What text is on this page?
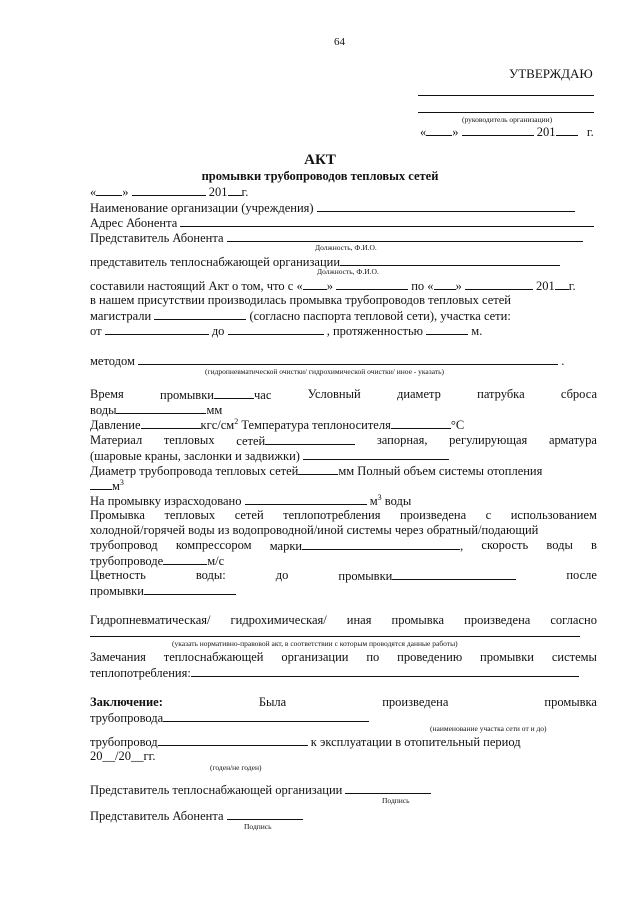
64
УТВЕРЖДАЮ
(руководитель организации)
« »	201	г.
АКТ
промывки трубопроводов тепловых сетей
« »	201 г.
Наименование организации (учреждения)
Адрес Абонента
Представитель Абонента
Должность, Ф.И.О.
представитель теплоснабжающей организации
Должность, Ф.И.О.
составили настоящий Акт о том, что с « »	по « »	201 г.
в нашем присутствии производилась промывка трубопроводов тепловых сетей
магистрали	(согласно паспорта тепловой сети), участка сети:
от	до	, протяженностью	м.
методом	.
(гидропневматической очистки/ гидрохимической очистки/ иное - указать)
Время	промывки	час	Условный	диаметр	патрубка	сброса
воды	мм
Давление	кгс/$см^2$ Температура теплоносителя	°С
Материал тепловых сетей	запорная, регулирующая арматура
(шаровые краны, заслонки и задвижки)
Диаметр трубопровода тепловых сетей	мм Полный объем системы отопления
$м^3$
На промывку израсходовано	$м^3$ воды
Промывка тепловых сетей теплопотребления произведена с использованием
холодной/горячей воды из водопроводной/иной системы через обратный/подающий
трубопровод компрессором марки	, скорость воды в
трубопроводе	м/с
Цветность	воды:	до	промывки	после
промывки
Гидропневматическая/ гидрохимическая/ иная промывка произведена согласно
(указать нормативно-правовой акт, в соответствии с которым проводятся данные работы)
Замечания теплоснабжающей организации по проведению промывки системы
теплопотребления:
Заключение:	Была	произведена	промывка
трубопровода
(наименование участка сети от и до)
трубопровод	к эксплуатации в отопительный период
20__/20__гг.
(годен/не годен)
Представитель теплоснабжающей организации
Подпись
Представитель Абонента
Подпись
